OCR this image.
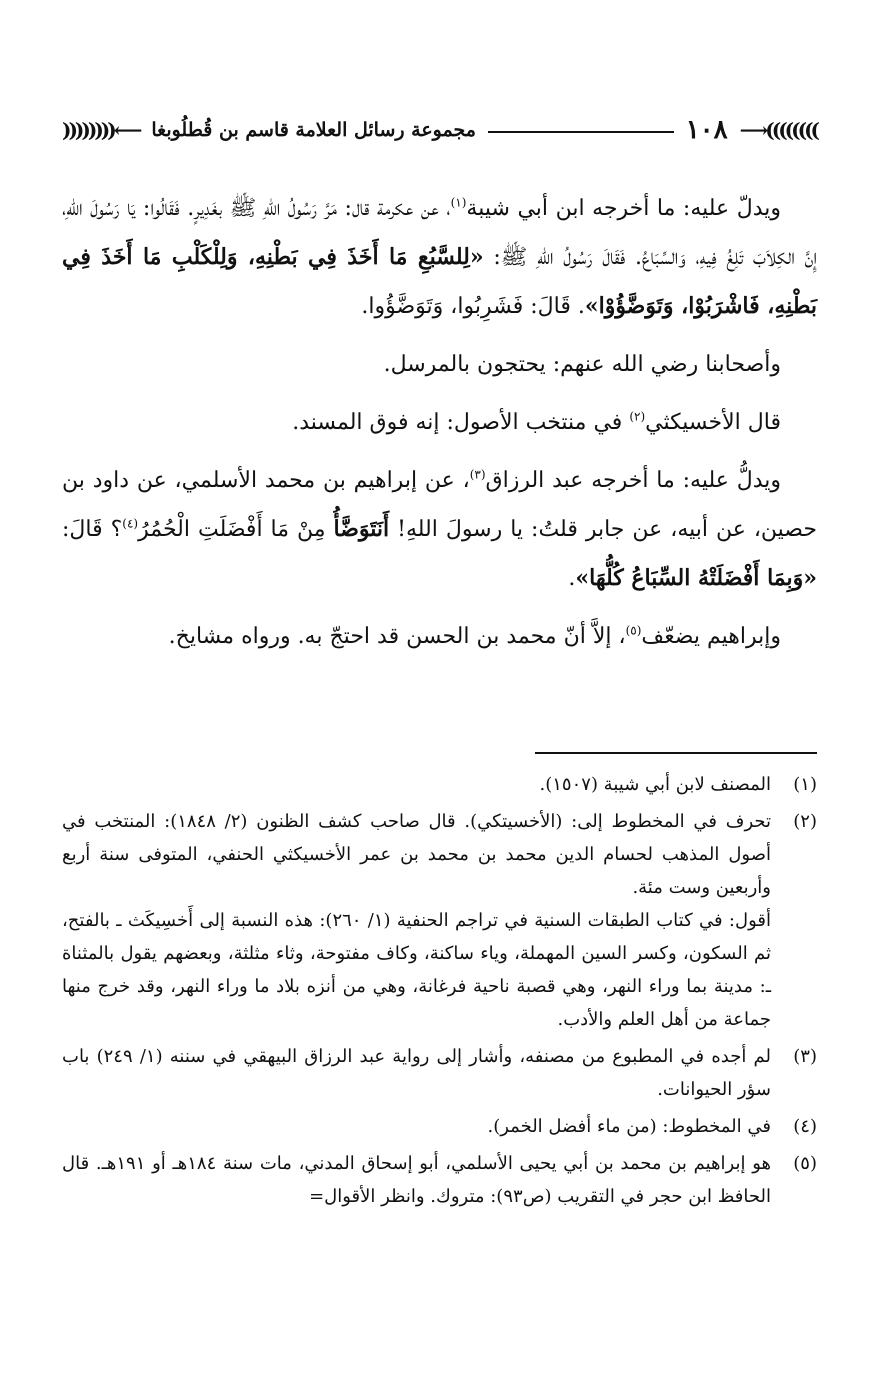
))))))))⟶
١٠٨
مجموعة رسائل العلامة قاسم بن قُطلُوبغا
⟵((((((((

ويدلّ عليه: ما أخرجه ابن أبي شيبة$^{(١)}$، عن عكرمة قال: مَرَّ رَسُولُ اللهِ ﷺ بغَدِيرٍ. فَقَالُوا: يَا رَسُولَ اللهِ، إِنَّ الكِلاَبَ تَلِغُ فِيهِ، وَالسِّبَاعُ. فَقَالَ رَسُولُ اللهِ ﷺ: «لِلسَّبُعِ مَا أَخَذَ فِي بَطْنِهِ، وَلِلْكَلْبِ مَا أَخَذَ فِي بَطْنِهِ، فَاشْرَبُوْا، وَتَوَضَّؤُوْا». قَالَ: فَشَرِبُوا، وَتَوَضَّؤُوا.

وأصحابنا رضي الله عنهم: يحتجون بالمرسل.

قال الأخسيكثي$^{(٢)}$ في منتخب الأصول: إنه فوق المسند.

ويدلُّ عليه: ما أخرجه عبد الرزاق$^{(٣)}$، عن إبراهيم بن محمد الأسلمي، عن داود بن حصين، عن أبيه، عن جابر قلتُ: يا رسولَ اللهِ! أَنَتَوَضَّأُ مِنْ مَا أَفْضَلَتِ الْحُمُرُ$^{(٤)}$؟ قَالَ: «وَبِمَا أَفْضَلَتْهُ السِّبَاعُ كُلُّهَا».

وإبراهيم يضعّف$^{(٥)}$، إلاَّ أنّ محمد بن الحسن قد احتجّ به. ورواه مشايخ.

(١)
المصنف لابن أبي شيبة (١٥٠٧).
(٢)
تحرف في المخطوط إلى: (الأخسيتكي). قال صاحب كشف الظنون (٢/ ١٨٤٨): المنتخب في أصول المذهب لحسام الدين محمد بن محمد بن عمر الأخسيكثي الحنفي، المتوفى سنة أربع وأربعين وست مئة.
أقول: في كتاب الطبقات السنية في تراجم الحنفية (١/ ٢٦٠): هذه النسبة إلى أَخسِيكَث ـ بالفتح، ثم السكون، وكسر السين المهملة، وياء ساكنة، وكاف مفتوحة، وثاء مثلثة، وبعضهم يقول بالمثناة ـ: مدينة بما وراء النهر، وهي قصبة ناحية فرغانة، وهي من أنزه بلاد ما وراء النهر، وقد خرج منها جماعة من أهل العلم والأدب.
(٣)
لم أجده في المطبوع من مصنفه، وأشار إلى رواية عبد الرزاق البيهقي في سننه (١/ ٢٤٩) باب سؤر الحيوانات.
(٤)
في المخطوط: (من ماء أفضل الخمر).
(٥)
هو إبراهيم بن محمد بن أبي يحيى الأسلمي، أبو إسحاق المدني، مات سنة ١٨٤هـ أو ١٩١هـ. قال الحافظ ابن حجر في التقريب (ص٩٣): متروك. وانظر الأقوال=
